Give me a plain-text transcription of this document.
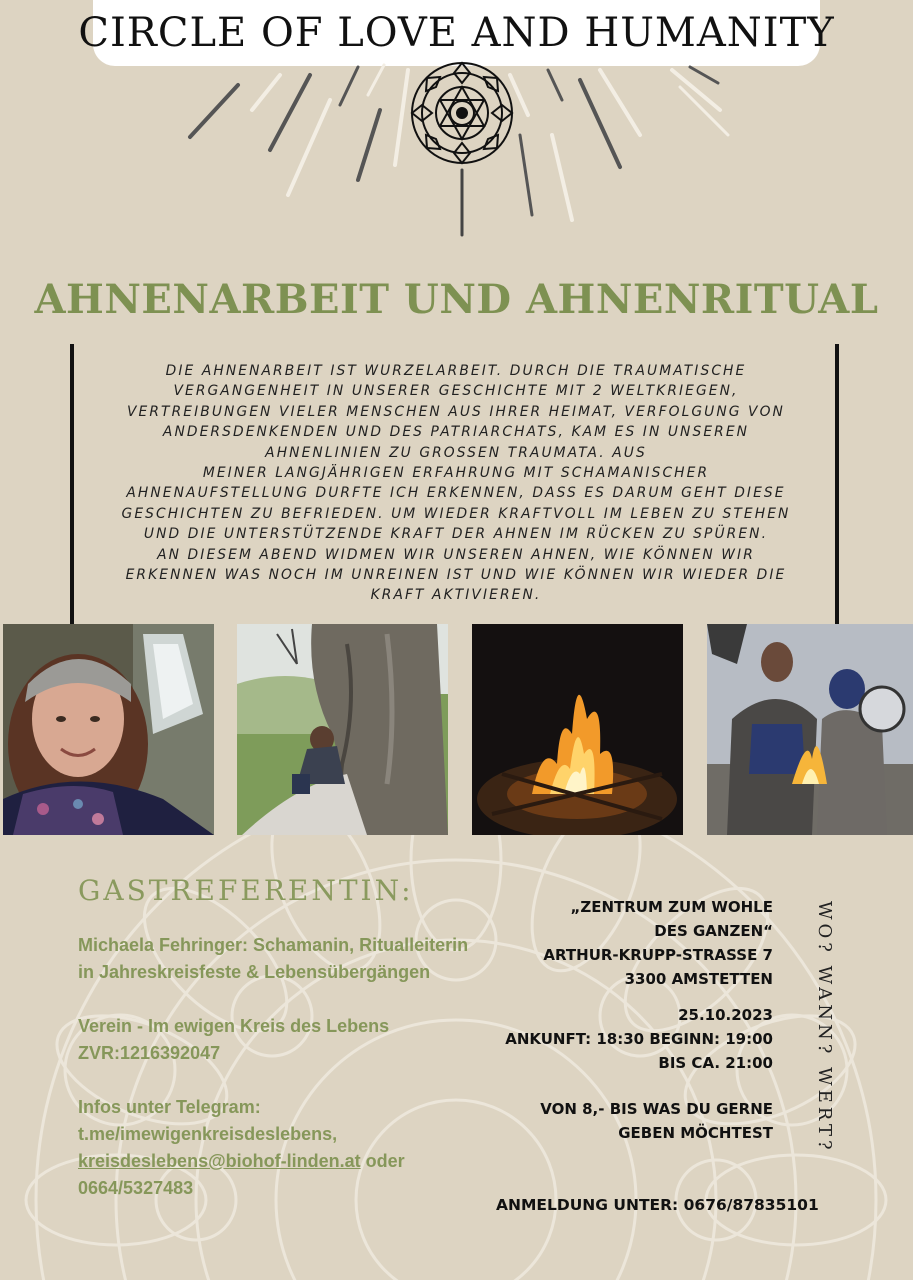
CIRCLE OF LOVE AND HUMANITY
AHNENARBEIT UND AHNENRITUAL

DIE AHNENARBEIT IST WURZELARBEIT. DURCH DIE TRAUMATISCHE

VERGANGENHEIT IN UNSERER GESCHICHTE MIT 2 WELTKRIEGEN,

VERTREIBUNGEN VIELER MENSCHEN AUS IHRER HEIMAT, VERFOLGUNG VON

ANDERSDENKENDEN UND DES PATRIARCHATS, KAM ES IN UNSEREN

AHNENLINIEN ZU GROSSEN TRAUMATA. AUS

MEINER LANGJÄHRIGEN ERFAHRUNG MIT SCHAMANISCHER

AHNENAUFSTELLUNG DURFTE ICH ERKENNEN, DASS ES DARUM GEHT DIESE

GESCHICHTEN ZU BEFRIEDEN. UM WIEDER KRAFTVOLL IM LEBEN ZU STEHEN

UND DIE UNTERSTÜTZENDE KRAFT DER AHNEN IM RÜCKEN ZU SPÜREN.

AN DIESEM ABEND WIDMEN WIR UNSEREN AHNEN, WIE KÖNNEN WIR

ERKENNEN WAS NOCH IM UNREINEN IST UND WIE KÖNNEN WIR WIEDER DIE

KRAFT AKTIVIEREN.

GASTREFERENTIN:

Michaela Fehringer: Schamanin, Ritualleiterin in Jahreskreisfeste & Lebensübergängen

Verein - Im ewigen Kreis des Lebens
ZVR:1216392047

Infos unter Telegram:
t.me/imewigenkreisdeslebens,
kreisdeslebens@biohof-linden.at oder
0664/5327483

„ZENTRUM ZUM WOHLE

DES GANZEN“

ARTHUR-KRUPP-STRASSE 7

3300 AMSTETTEN

25.10.2023

ANKUNFT: 18:30 BEGINN: 19:00

BIS CA. 21:00

VON 8,- BIS WAS DU GERNE

GEBEN MÖCHTEST	WO? WANN? WERT?
ANMELDUNG UNTER: 0676/87835101
